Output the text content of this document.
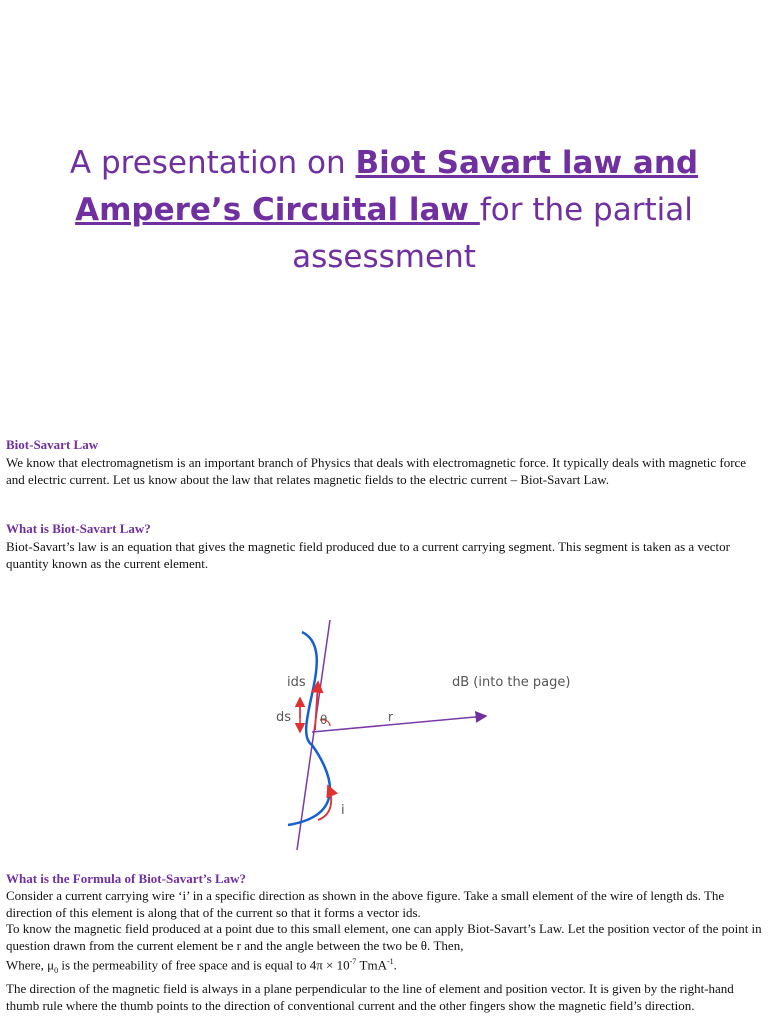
A presentation on Biot Savart law and Ampere’s Circuital law for the partial assessment
Biot-Savart Law
We know that electromagnetism is an important branch of Physics that deals with electromagnetic force. It typically deals with magnetic force and electric current. Let us know about the law that relates magnetic fields to the electric current – Biot-Savart Law.
What is Biot-Savart Law?
Biot-Savart’s law is an equation that gives the magnetic field produced due to a current carrying segment. This segment is taken as a vector quantity known as the current element.
ids
ds θ	r
dB (into the page)
i
What is the Formula of Biot-Savart’s Law?
Consider a current carrying wire ‘i’ in a specific direction as shown in the above figure. Take a small element of the wire of length ds. The direction of this element is along that of the current so that it forms a vector ids.
To know the magnetic field produced at a point due to this small element, one can apply Biot-Savart’s Law. Let the position vector of the point in question drawn from the current element be r and the angle between the two be θ. Then,
Where, $\mu_0$ is the permeability of free space and is equal to $4\pi \times 10^{-7}$ TmA$^{-1}$.
The direction of the magnetic field is always in a plane perpendicular to the line of element and position vector. It is given by the right-hand thumb rule where the thumb points to the direction of conventional current and the other fingers show the magnetic field’s direction.
